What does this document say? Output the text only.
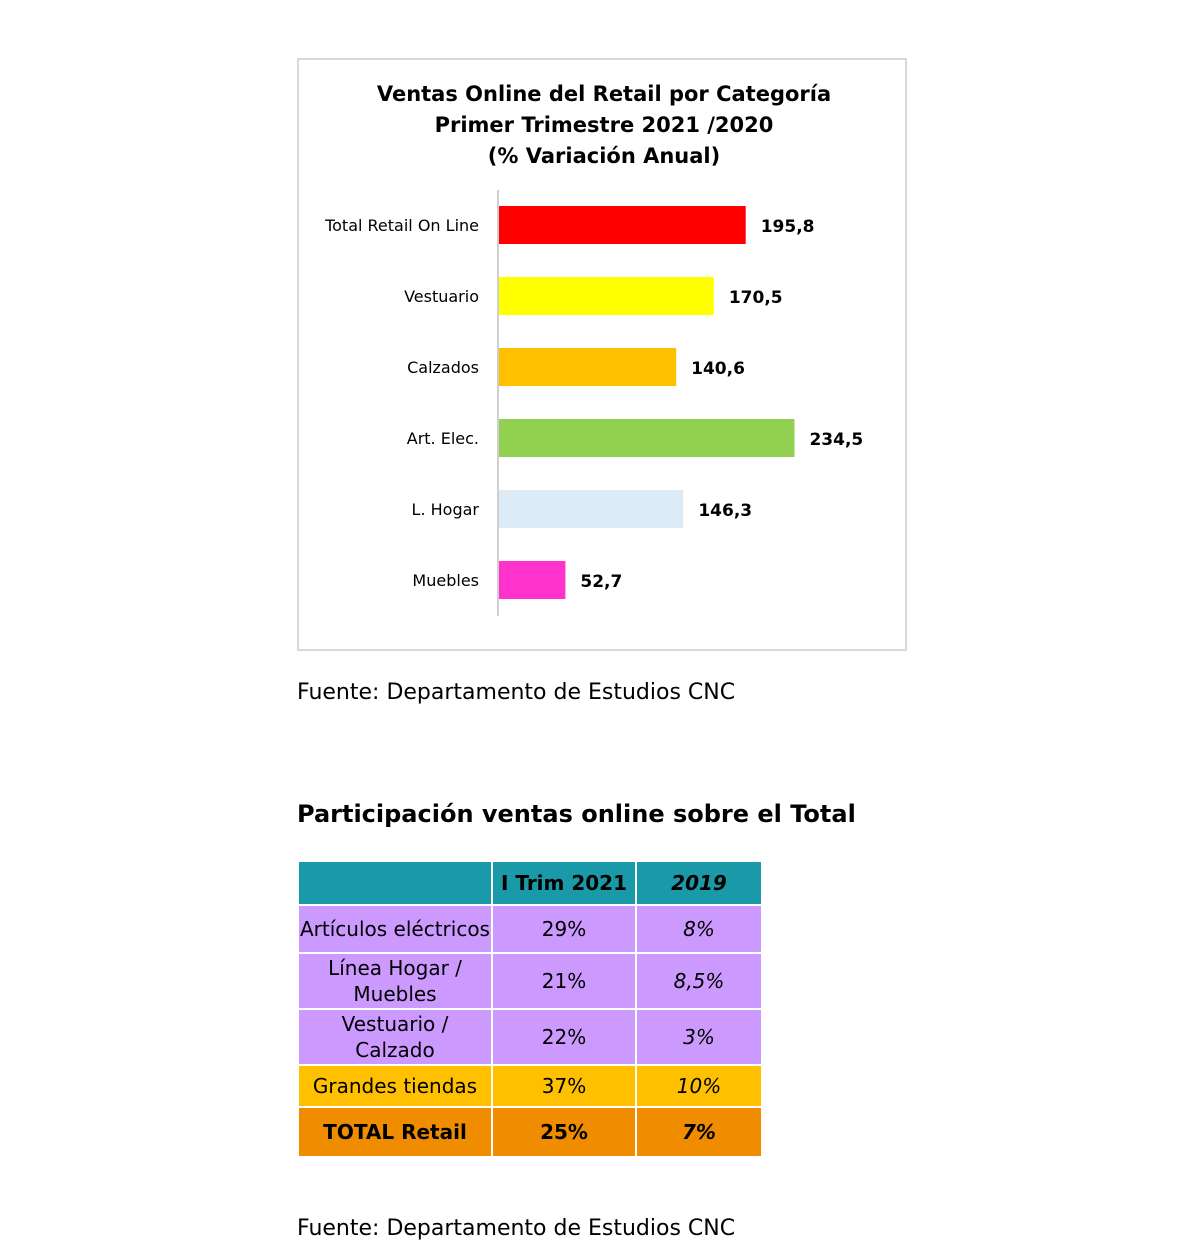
Ventas Online del Retail por Categoría
Primer Trimestre 2021 /2020
(% Variación Anual)
Total Retail On Line	195,8
Vestuario	170,5
Calzados	140,6
Art. Elec.	234,5
L. Hogar	146,3
Muebles	52,7
Fuente: Departamento de Estudios CNC
Participación ventas online sobre el Total
	I Trim 2021	2019
Artículos eléctricos	29%	8%
Línea Hogar / Muebles	21%	8,5%
Vestuario / Calzado	22%	3%
Grandes tiendas	37%	10%
TOTAL Retail	25%	7%
Fuente: Departamento de Estudios CNC
